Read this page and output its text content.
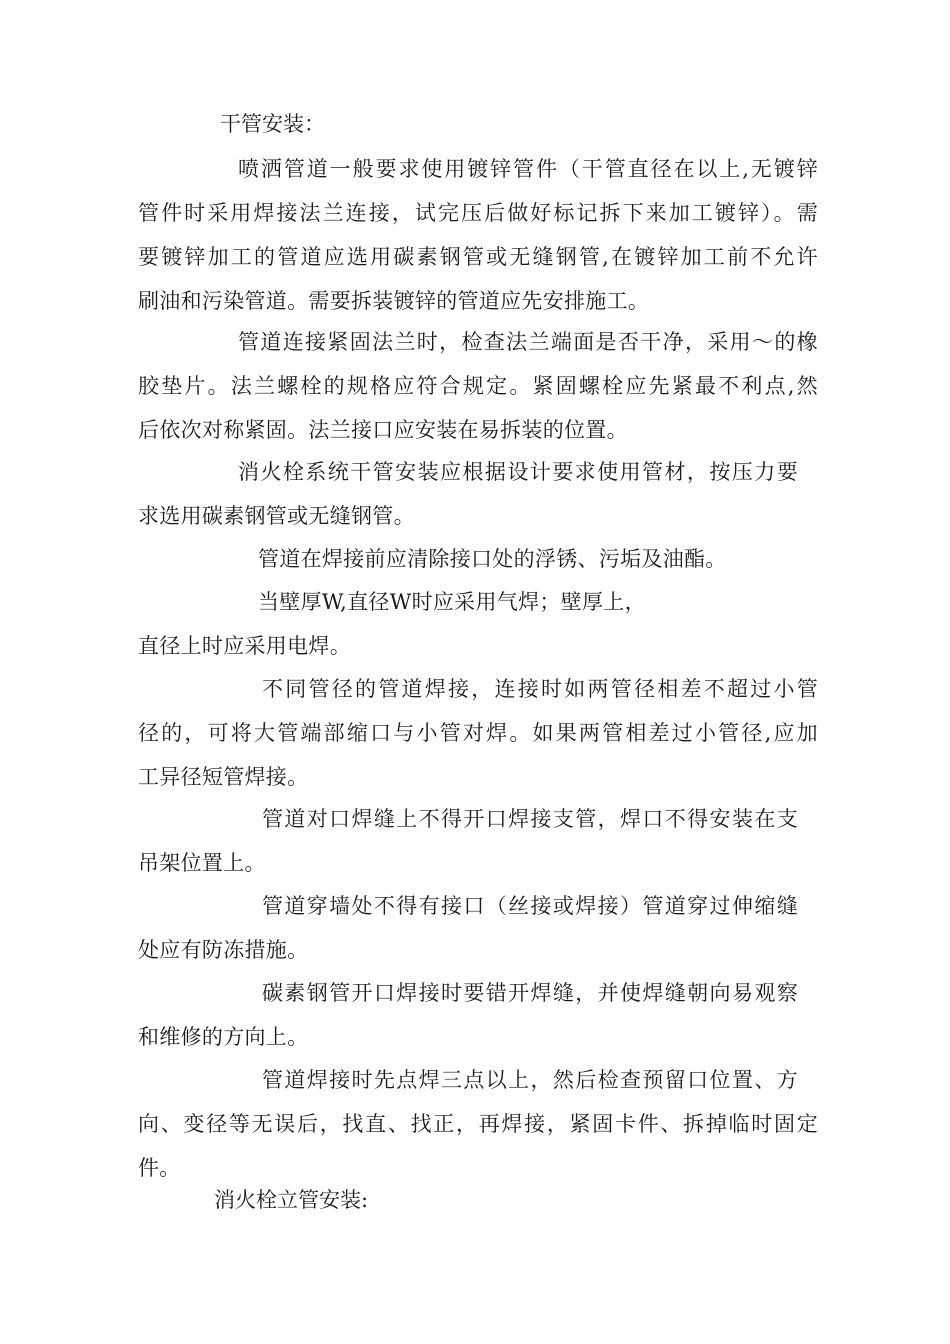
干管安装：

喷洒管道一般要求使用镀锌管件（干管直径在以上,无镀锌
管件时采用焊接法兰连接，试完压后做好标记拆下来加工镀锌）。需
要镀锌加工的管道应选用碳素钢管或无缝钢管,在镀锌加工前不允许
刷油和污染管道。需要拆装镀锌的管道应先安排施工。
管道连接紧固法兰时，检查法兰端面是否干净，采用〜的橡
胶垫片。法兰螺栓的规格应符合规定。紧固螺栓应先紧最不利点,然
后依次对称紧固。法兰接口应安装在易拆装的位置。
消火栓系统干管安装应根据设计要求使用管材，按压力要
求选用碳素钢管或无缝钢管。
管道在焊接前应清除接口处的浮锈、污垢及油酯。
当壁厚W,直径W时应采用气焊；壁厚上，
直径上时应采用电焊。
不同管径的管道焊接，连接时如两管径相差不超过小管
径的，可将大管端部缩口与小管对焊。如果两管相差过小管径,应加
工异径短管焊接。
管道对口焊缝上不得开口焊接支管，焊口不得安装在支
吊架位置上。
管道穿墙处不得有接口（丝接或焊接）管道穿过伸缩缝
处应有防冻措施。
碳素钢管开口焊接时要错开焊缝，并使焊缝朝向易观察
和维修的方向上。
管道焊接时先点焊三点以上，然后检查预留口位置、方
向、变径等无误后，找直、找正，再焊接，紧固卡件、拆掉临时固定
件。

消火栓立管安装:
